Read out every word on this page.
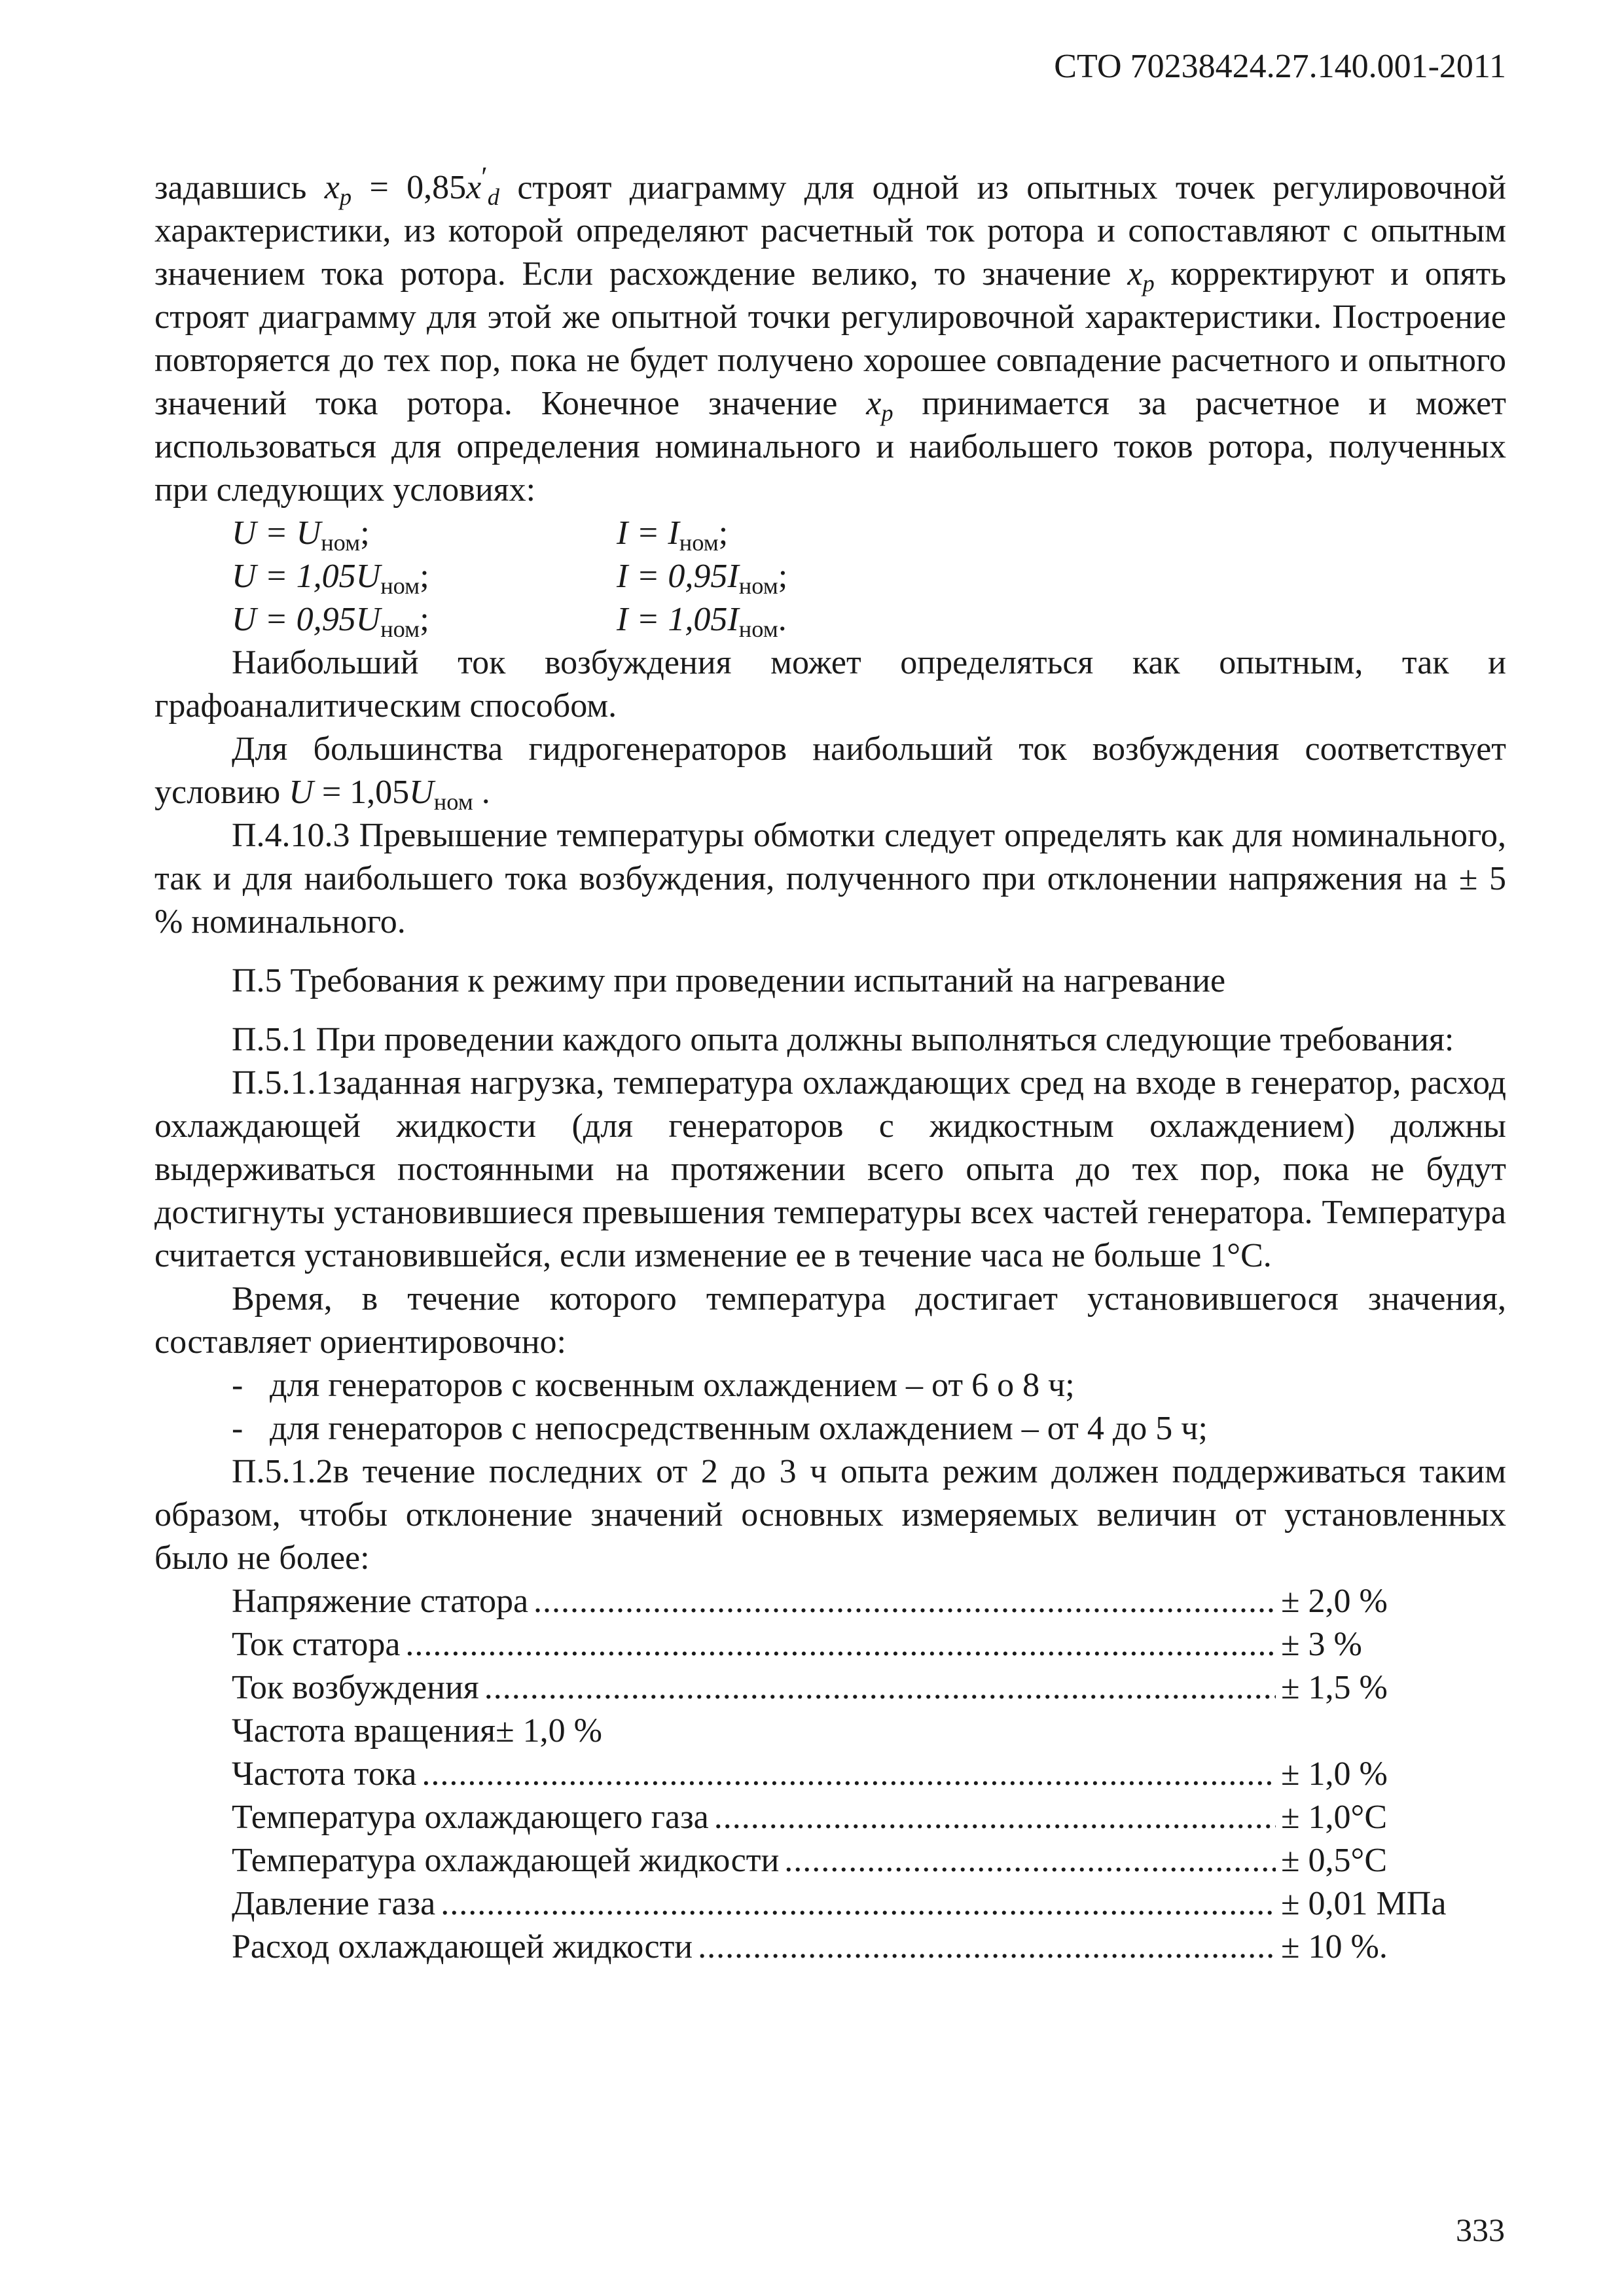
СТО 70238424.27.140.001-2011

задавшись $x_p = 0,85x'_d$ строят диаграмму для одной из опытных точек регулировочной характеристики, из которой определяют расчетный ток ротора и сопоставляют с опытным значением тока ротора. Если расхождение велико, то значение $x_p$ корректируют и опять строят диаграмму для этой же опытной точки регулировочной характеристики. Построение повторяется до тех пор, пока не будет получено хорошее совпадение расчетного и опытного значений тока ротора. Конечное значение $x_p$ принимается за расчетное и может использоваться для определения номинального и наибольшего токов ротора, полученных при следующих условиях:

$U = U_{ном}$;	$I = I_{ном}$;
$U = 1,05U_{ном}$;	$I = 0,95I_{ном}$;
$U = 0,95U_{ном}$;	$I = 1,05I_{ном}$.

Наибольший ток возбуждения может определяться как опытным, так и графоаналитическим способом.

Для большинства гидрогенераторов наибольший ток возбуждения соответствует условию $U = 1,05U_{ном}$ .

П.4.10.3 Превышение температуры обмотки следует определять как для номинального, так и для наибольшего тока возбуждения, полученного при отклонении напряжения на ± 5 % номинального.

П.5 Требования к режиму при проведении испытаний на нагревание

П.5.1 При проведении каждого опыта должны выполняться следующие требования:

П.5.1.1заданная нагрузка, температура охлаждающих сред на входе в генератор, расход охлаждающей жидкости (для генераторов с жидкостным охлаждением) должны выдерживаться постоянными на протяжении всего опыта до тех пор, пока не будут достигнуты установившиеся превышения температуры всех частей генератора. Температура считается установившейся, если изменение ее в течение часа не больше 1°С.

Время, в течение которого температура достигает установившегося значения, составляет ориентировочно:

- для генераторов с косвенным охлаждением – от 6 о 8 ч;
- для генераторов с непосредственным охлаждением – от 4 до 5 ч;

П.5.1.2в течение последних от 2 до 3 ч опыта режим должен поддерживаться таким образом, чтобы отклонение значений основных измеряемых величин от установленных было не более:

Напряжение статора .....	± 2,0 %
Ток статора .....	± 3 %
Ток возбуждения .....	± 1,5 %
Частота вращения± 1,0 %
Частота тока .....	± 1,0 %
Температура охлаждающего газа .....	± 1,0°С
Температура охлаждающей жидкости .....	± 0,5°С
Давление газа .....	± 0,01 МПа
Расход охлаждающей жидкости .....	± 10 %.
333
